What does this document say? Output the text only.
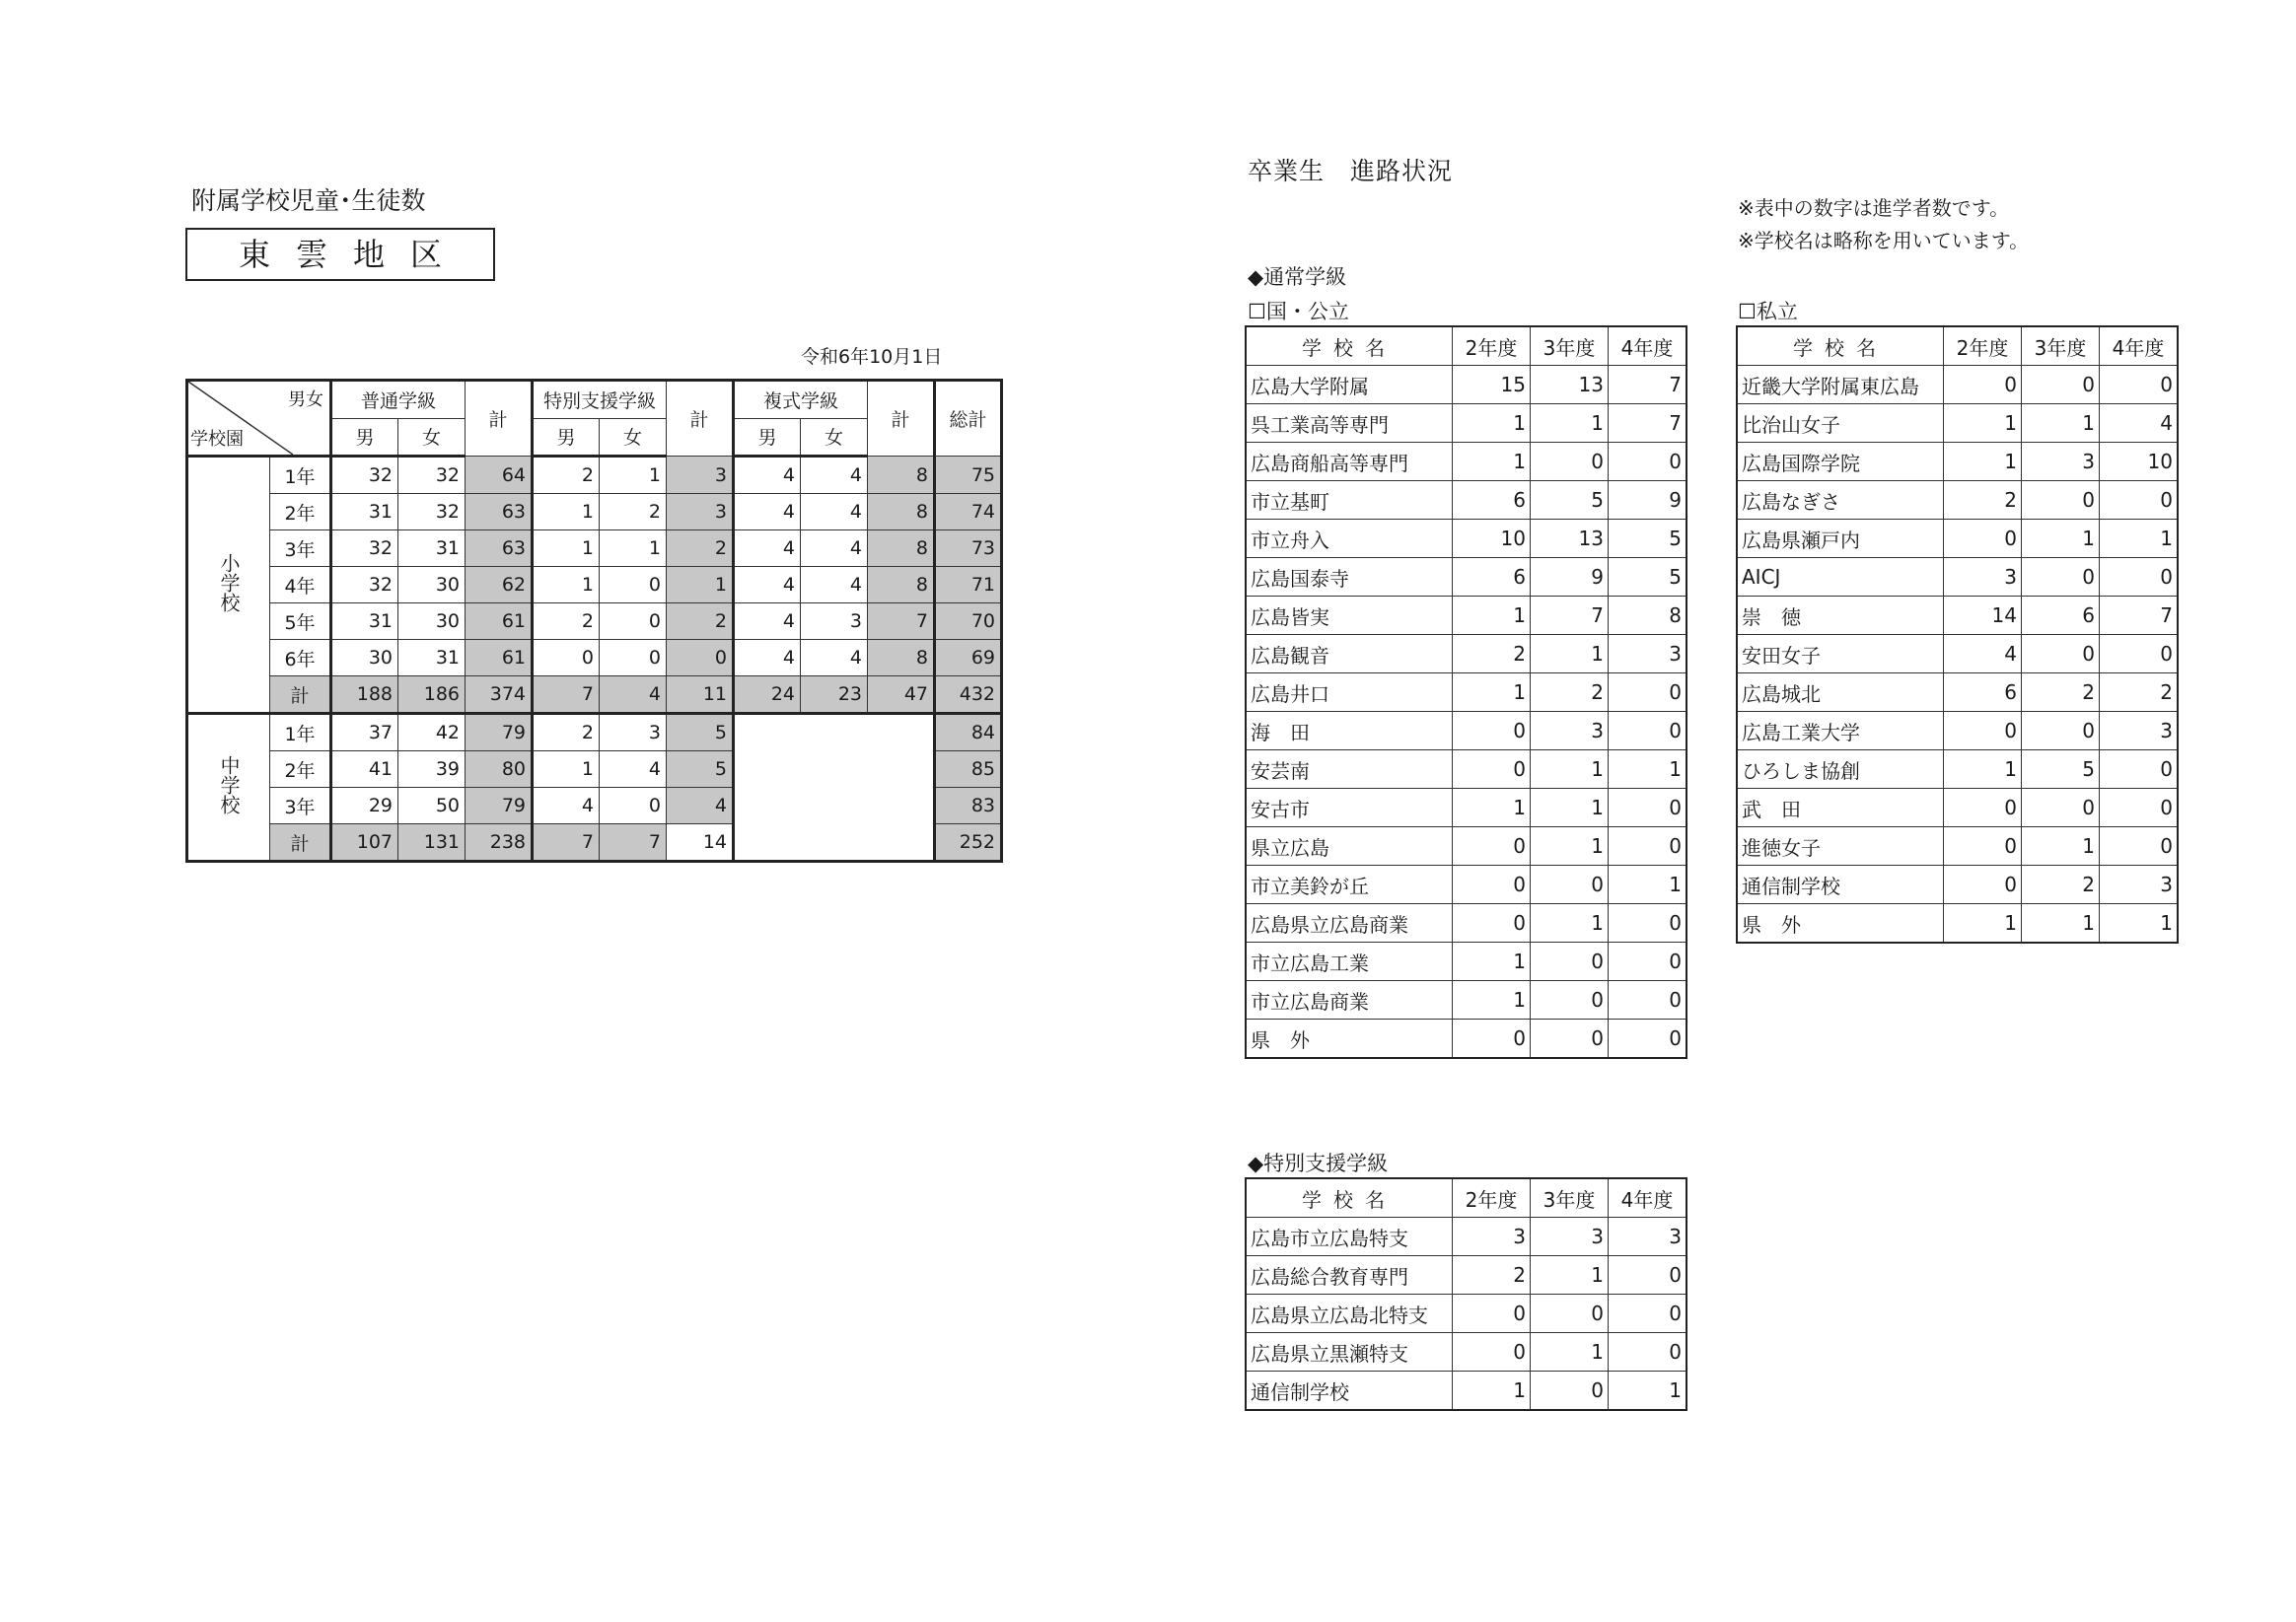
附属学校児童･生徒数
東雲地区
令和6年10月1日
男女
学校園		普通学級		計	特別支援学級		計	複式学級		計	総計
		男	女		男	女		男	女		
小学校	1年	32	32	64	2	1	3	4	4	8	75
	2年	31	32	63	1	2	3	4	4	8	74
	3年	32	31	63	1	1	2	4	4	8	73
	4年	32	30	62	1	0	1	4	4	8	71
	5年	31	30	61	2	0	2	4	3	7	70
	6年	30	31	61	0	0	0	4	4	8	69
	計	188	186	374	7	4	11	24	23	47	432
中学校	1年	37	42	79	2	3	5				84
	2年	41	39	80	1	4	5				85
	3年	29	50	79	4	0	4				83
	計	107	131	238	7	7	14				252
卒業生　進路状況
※表中の数字は進学者数です。
※学校名は略称を用いています。
◆通常学級
☐国・公立	☐私立
◆特別支援学級
学校名	2年度	3年度	4年度
広島大学附属	15	13	7
呉工業高等専門	1	1	7
広島商船高等専門	1	0	0
市立基町	6	5	9
市立舟入	10	13	5
広島国泰寺	6	9	5
広島皆実	1	7	8
広島観音	2	1	3
広島井口	1	2	0
海　田	0	3	0
安芸南	0	1	1
安古市	1	1	0
県立広島	0	1	0
市立美鈴が丘	0	0	1
広島県立広島商業	0	1	0
市立広島工業	1	0	0
市立広島商業	1	0	0
県　外	0	0	0
学校名	2年度	3年度	4年度
近畿大学附属東広島	0	0	0
比治山女子	1	1	4
広島国際学院	1	3	10
広島なぎさ	2	0	0
広島県瀬戸内	0	1	1
AICJ	3	0	0
崇　徳	14	6	7
安田女子	4	0	0
広島城北	6	2	2
広島工業大学	0	0	3
ひろしま協創	1	5	0
武　田	0	0	0
進徳女子	0	1	0
通信制学校	0	2	3
県　外	1	1	1
学校名	2年度	3年度	4年度
広島市立広島特支	3	3	3
広島総合教育専門	2	1	0
広島県立広島北特支	0	0	0
広島県立黒瀬特支	0	1	0
通信制学校	1	0	1
